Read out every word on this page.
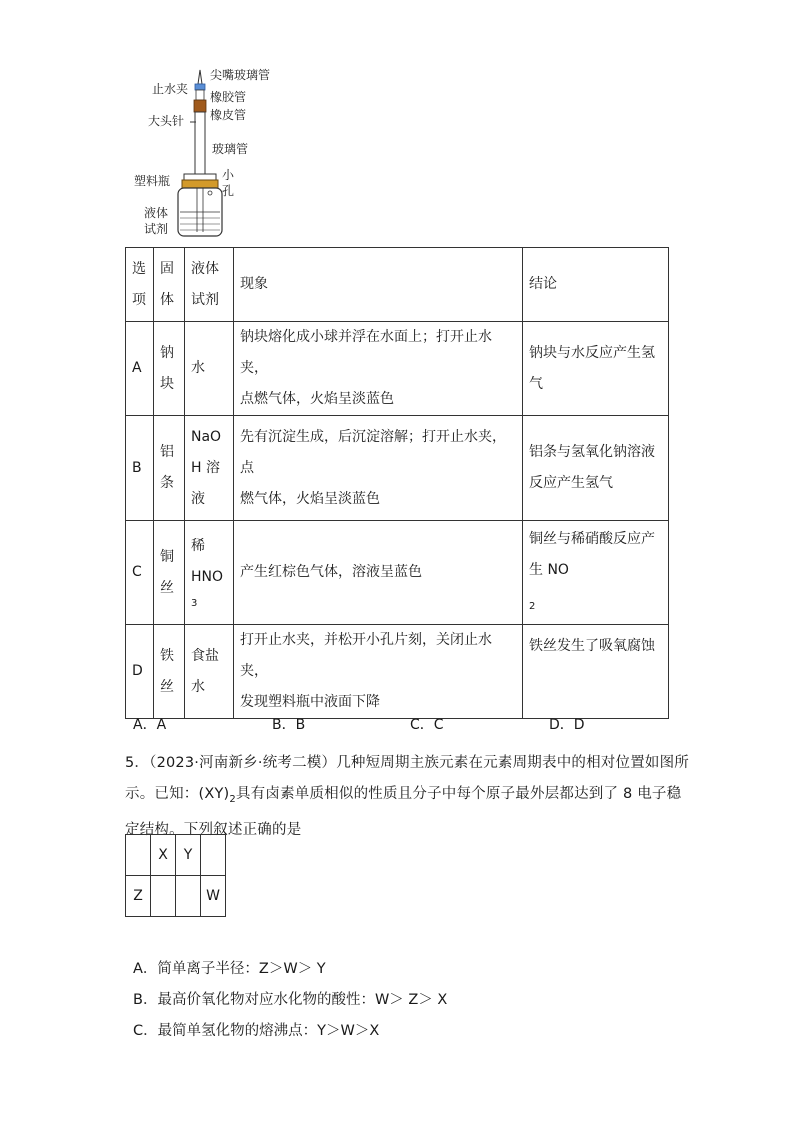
尖嘴玻璃管
止水夹
橡胶管
橡皮管
大头针
玻璃管
塑料瓶	小
孔
液体
试剂
选
项	固
体	液体
试剂	现象	结论
A	钠
块	水	钠块熔化成小球并浮在水面上；打开止水夹，
点燃气体，火焰呈淡蓝色	钠块与水反应产生氢
气

B	铝
条	NaO
H 溶
液	先有沉淀生成，后沉淀溶解；打开止水夹，点
燃气体，火焰呈淡蓝色	铝条与氢氧化钠溶液
反应产生氢气

C	铜
丝	稀
HNO
3	产生红棕色气体，溶液呈蓝色	铜丝与稀硝酸反应产
生 NO
$_2$

D	铁
丝	食盐
水	打开止水夹，并松开小孔片刻，关闭止水夹，
发现塑料瓶中液面下降	铁丝发生了吸氧腐蚀
A．A	B．B	C．C	D．D

5．（2023·河南新乡·统考二模）几种短周期主族元素在元素周期表中的相对位置如图所

示。已知：$(XY)_2$具有卤素单质相似的性质且分子中每个原子最外层都达到了 8 电子稳

定结构。下列叙述正确的是

	X	Y	
Z			W
A．简单离子半径：Z＞W＞ Y
B．最高价氧化物对应水化物的酸性：W＞ Z＞ X
C．最简单氢化物的熔沸点：Y＞W＞X
